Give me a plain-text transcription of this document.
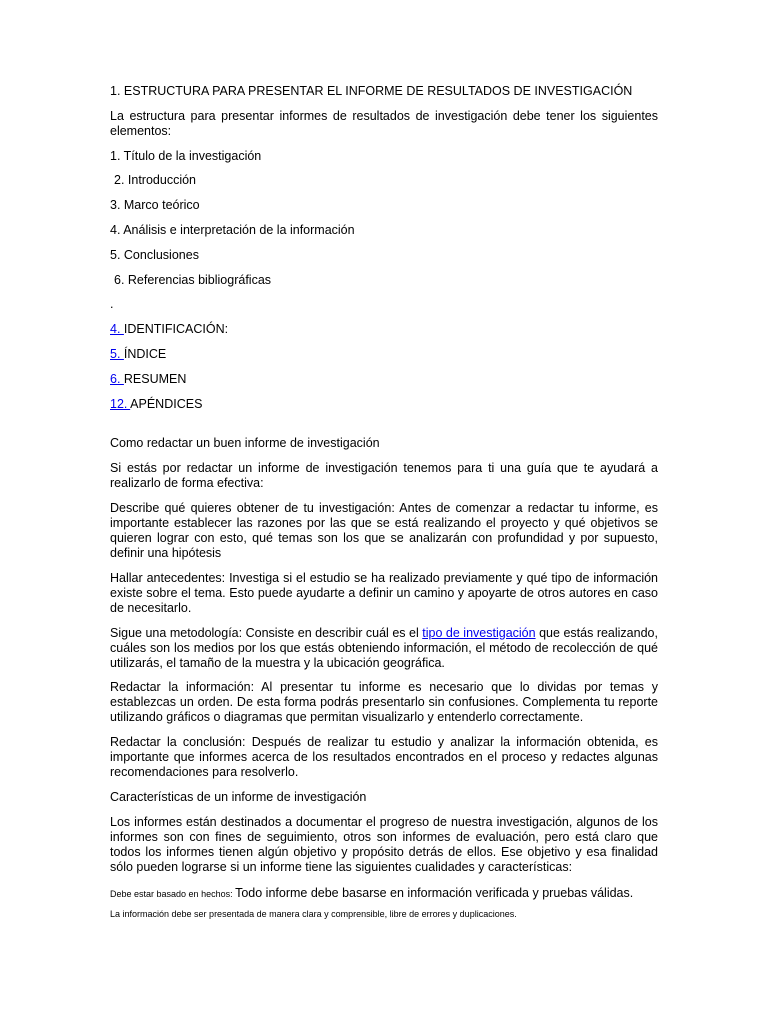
1. ESTRUCTURA PARA PRESENTAR EL INFORME DE RESULTADOS DE INVESTIGACIÓN

La estructura para presentar informes de resultados de investigación debe tener los siguientes elementos:

1. Título de la investigación

2. Introducción

3. Marco teórico

4. Análisis e interpretación de la información

5. Conclusiones

6. Referencias bibliográficas

.

4. IDENTIFICACIÓN:

5. ÍNDICE

6. RESUMEN

12. APÉNDICES

Como redactar un buen informe de investigación

Si estás por redactar un informe de investigación tenemos para ti una guía que te ayudará a realizarlo de forma efectiva:

Describe qué quieres obtener de tu investigación: Antes de comenzar a redactar tu informe, es importante establecer las razones por las que se está realizando el proyecto y qué objetivos se quieren lograr con esto, qué temas son los que se analizarán con profundidad y por supuesto, definir una hipótesis

Hallar antecedentes: Investiga si el estudio se ha realizado previamente y qué tipo de información existe sobre el tema. Esto puede ayudarte a definir un camino y apoyarte de otros autores en caso de necesitarlo.

Sigue una metodología: Consiste en describir cuál es el tipo de investigación que estás realizando, cuáles son los medios por los que estás obteniendo información, el método de recolección de qué utilizarás, el tamaño de la muestra y la ubicación geográfica.

Redactar la información: Al presentar tu informe es necesario que lo dividas por temas y establezcas un orden. De esta forma podrás presentarlo sin confusiones. Complementa tu reporte utilizando gráficos o diagramas que permitan visualizarlo y entenderlo correctamente.

Redactar la conclusión: Después de realizar tu estudio y analizar la información obtenida, es importante que informes acerca de los resultados encontrados en el proceso y redactes algunas recomendaciones para resolverlo.

Características de un informe de investigación

Los informes están destinados a documentar el progreso de nuestra investigación, algunos de los informes son con fines de seguimiento, otros son informes de evaluación, pero está claro que todos los informes tienen algún objetivo y propósito detrás de ellos. Ese objetivo y esa finalidad sólo pueden lograrse si un informe tiene las siguientes cualidades y características:

Debe estar basado en hechos: Todo informe debe basarse en información verificada y pruebas válidas.

La información debe ser presentada de manera clara y comprensible, libre de errores y duplicaciones.
